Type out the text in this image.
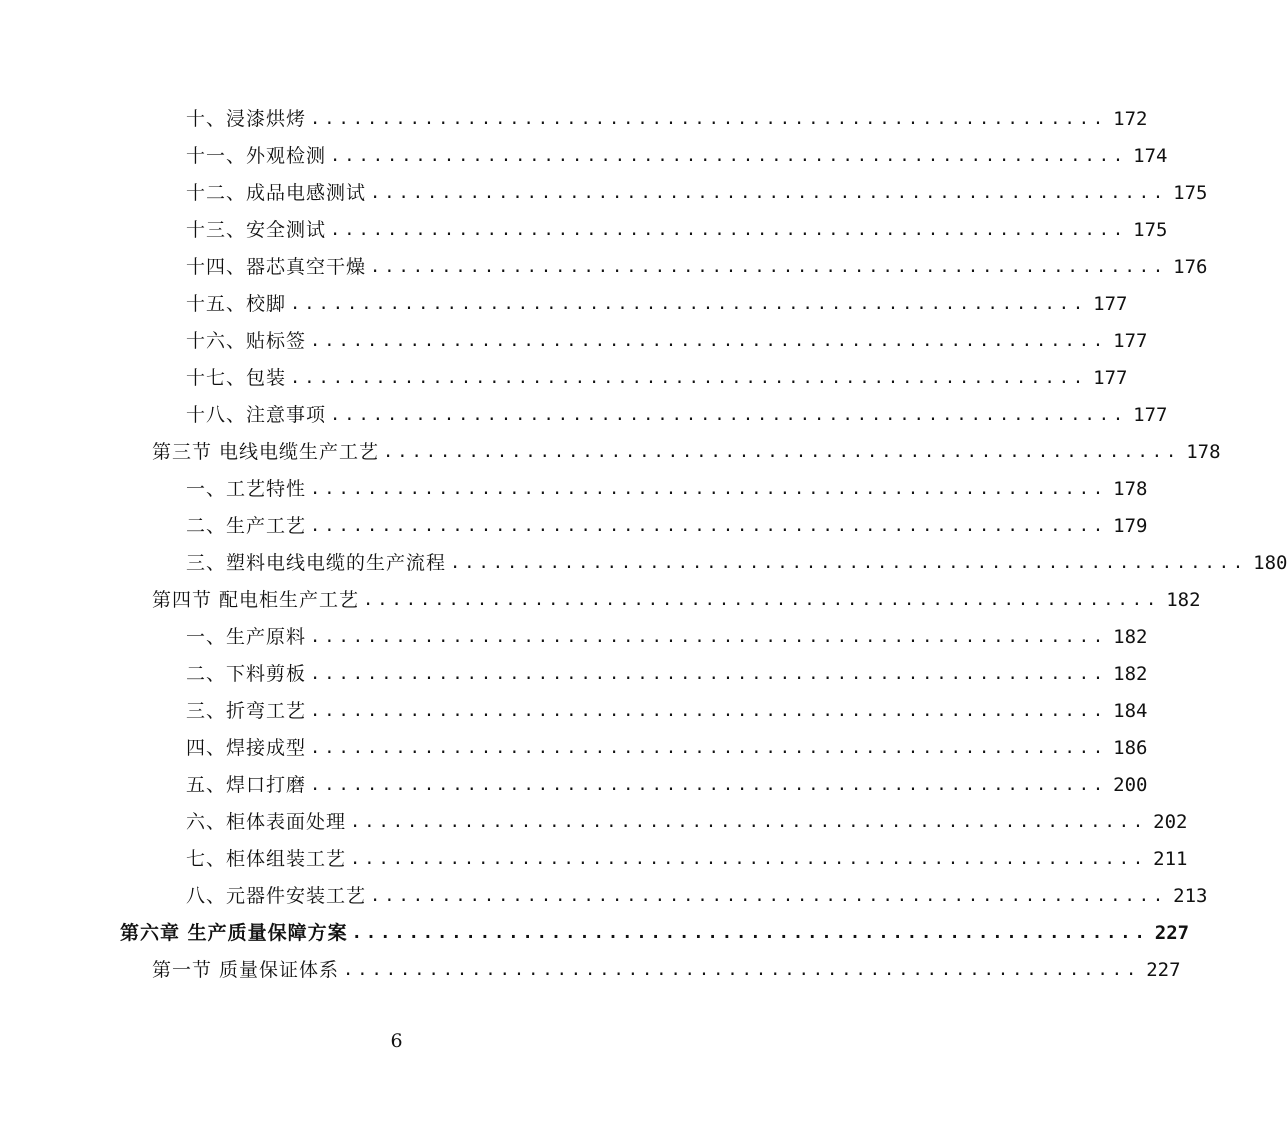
十、浸漆烘烤 ........................................................ 172
十一、外观检测 ........................................................ 174
十二、成品电感测试 ........................................................ 175
十三、安全测试 ........................................................ 175
十四、器芯真空干燥 ........................................................ 176
十五、校脚 ........................................................ 177
十六、贴标签 ........................................................ 177
十七、包装 ........................................................ 177
十八、注意事项 ........................................................ 177
第三节 电线电缆生产工艺 ........................................................ 178
一、工艺特性 ........................................................ 178
二、生产工艺 ........................................................ 179
三、塑料电线电缆的生产流程 ........................................................ 180
第四节 配电柜生产工艺 ........................................................ 182
一、生产原料 ........................................................ 182
二、下料剪板 ........................................................ 182
三、折弯工艺 ........................................................ 184
四、焊接成型 ........................................................ 186
五、焊口打磨 ........................................................ 200
六、柜体表面处理 ........................................................ 202
七、柜体组装工艺 ........................................................ 211
八、元器件安装工艺 ........................................................ 213
第六章 生产质量保障方案 ........................................................ 227
第一节 质量保证体系 ........................................................ 227
6
